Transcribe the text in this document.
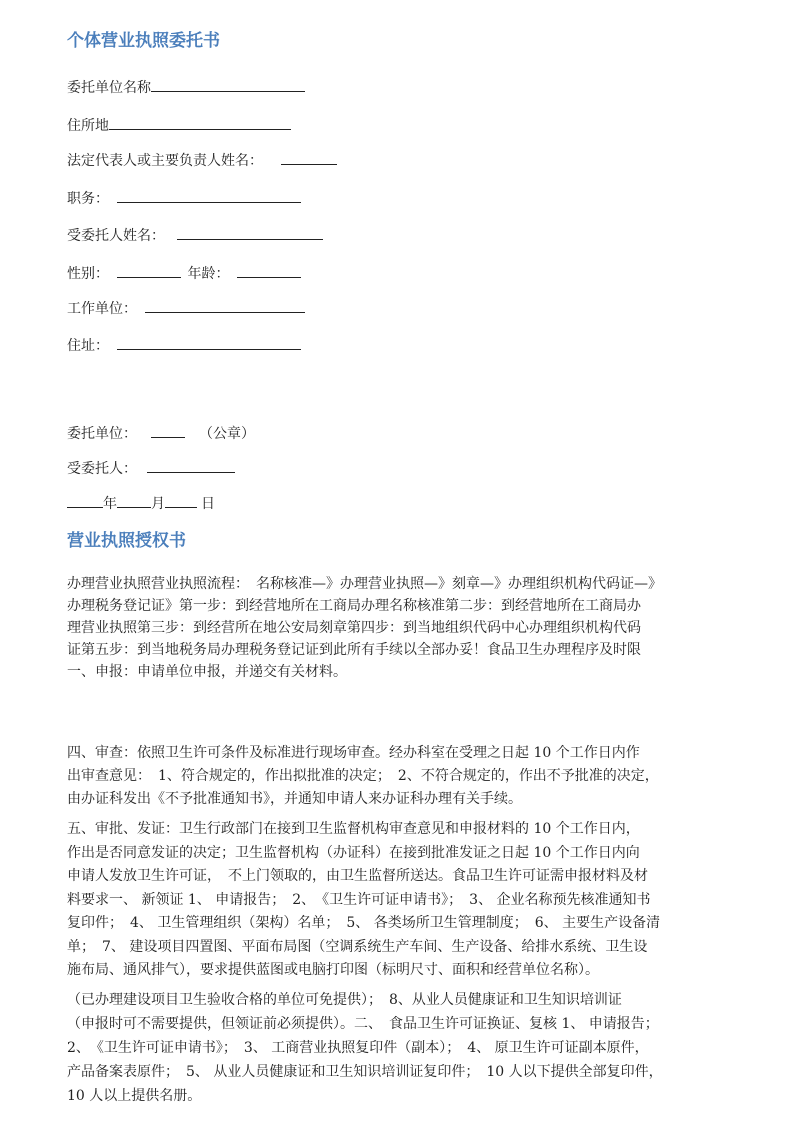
个体营业执照委托书
委托单位名称
住所地
法定代表人或主要负责人姓名：
职务：
受委托人姓名：
性别：	年龄：
工作单位：
住址：
委托单位：	（公章）
受委托人：
年 月	日
营业执照授权书
办理营业执照营业执照流程：　名称核准—》办理营业执照—》刻章—》办理组织机构代码证—》
办理税务登记证》第一步：到经营地所在工商局办理名称核准第二步：到经营地所在工商局办
理营业执照第三步：到经营所在地公安局刻章第四步：到当地组织代码中心办理组织机构代码
证第五步：到当地税务局办理税务登记证到此所有手续以全部办妥！食品卫生办理程序及时限
一、申报：申请单位申报，并递交有关材料。
四、审查：依照卫生许可条件及标准进行现场审查。经办科室在受理之日起 10 个工作日内作
出审查意见：　1、符合规定的，作出拟批准的决定；　2、不符合规定的，作出不予批准的决定，
由办证科发出《不予批准通知书》，并通知申请人来办证科办理有关手续。
五、审批、发证：卫生行政部门在接到卫生监督机构审查意见和申报材料的 10 个工作日内，
作出是否同意发证的决定；卫生监督机构（办证科）在接到批准发证之日起 10 个工作日内向
申请人发放卫生许可证，　不上门领取的，由卫生监督所送达。食品卫生许可证需申报材料及材
料要求一、 新领证 1、 申请报告；　2、　《卫生许可证申请书》；　3、 企业名称预先核准通知书
复印件；　4、 卫生管理组织（架构）名单；　5、 各类场所卫生管理制度；　6、 主要生产设备清
单；　7、 建设项目四置图、平面布局图（空调系统生产车间、生产设备、给排水系统、卫生设
施布局、通风排气），要求提供蓝图或电脑打印图（标明尺寸、面积和经营单位名称）。
（已办理建设项目卫生验收合格的单位可免提供）；　8、从业人员健康证和卫生知识培训证
（申报时可不需要提供，但领证前必须提供）。二、　食品卫生许可证换证、复核 1、 申请报告；
2、　《卫生许可证申请书》；　3、 工商营业执照复印件（副本）；　4、 原卫生许可证副本原件，
产品备案表原件；　5、 从业人员健康证和卫生知识培训证复印件；　10 人以下提供全部复印件，
10 人以上提供名册。
